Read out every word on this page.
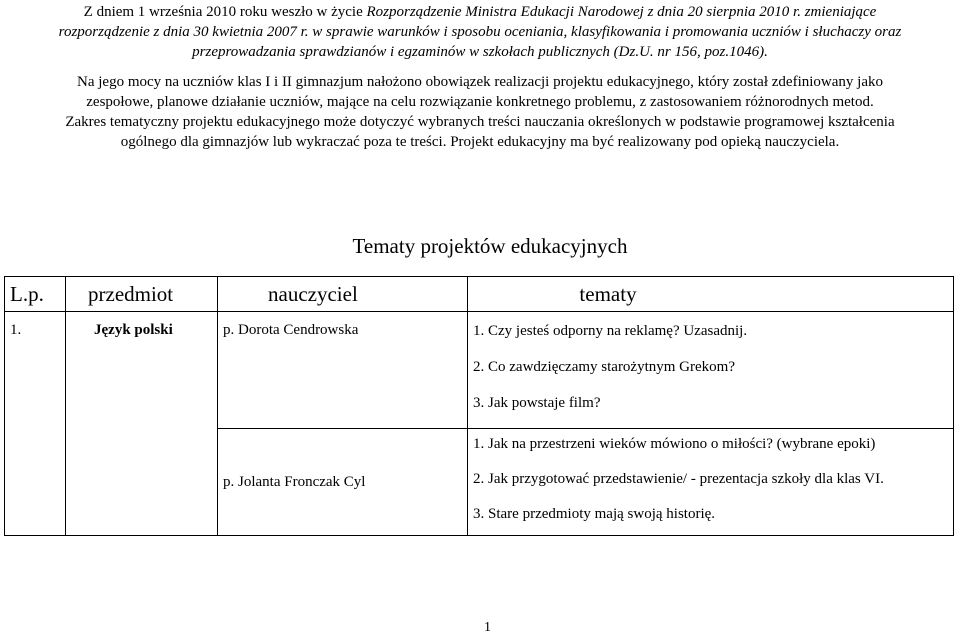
Z dniem 1 września 2010 roku weszło w życie Rozporządzenie Ministra Edukacji Narodowej z dnia 20 sierpnia 2010 r. zmieniające
rozporządzenie z dnia 30 kwietnia 2007 r. w sprawie warunków i sposobu oceniania, klasyfikowania i promowania uczniów i słuchaczy oraz
przeprowadzania sprawdzianów i egzaminów w szkołach publicznych (Dz.U. nr 156, poz.1046).
Na jego mocy na uczniów klas I i II gimnazjum nałożono obowiązek realizacji projektu edukacyjnego, który został zdefiniowany jako
zespołowe, planowe działanie uczniów, mające na celu rozwiązanie konkretnego problemu, z zastosowaniem różnorodnych metod.
Zakres tematyczny projektu edukacyjnego może dotyczyć wybranych treści nauczania określonych w podstawie programowej kształcenia
ogólnego dla gimnazjów lub wykraczać poza te treści. Projekt edukacyjny ma być realizowany pod opieką nauczyciela.
Tematy projektów edukacyjnych
L.p.	przedmiot	nauczyciel	tematy
1.	Język polski	p. Dorota Cendrowska	1. Czy jesteś odporny na reklamę? Uzasadnij.
2. Co zawdzięczamy starożytnym Grekom?
3. Jak powstaje film?

		p. Jolanta Fronczak Cyl	1. Jak na przestrzeni wieków mówiono o miłości? (wybrane epoki)
2. Jak przygotować przedstawienie/ - prezentacja szkoły dla klas VI.
3. Stare przedmioty mają swoją historię.
1
